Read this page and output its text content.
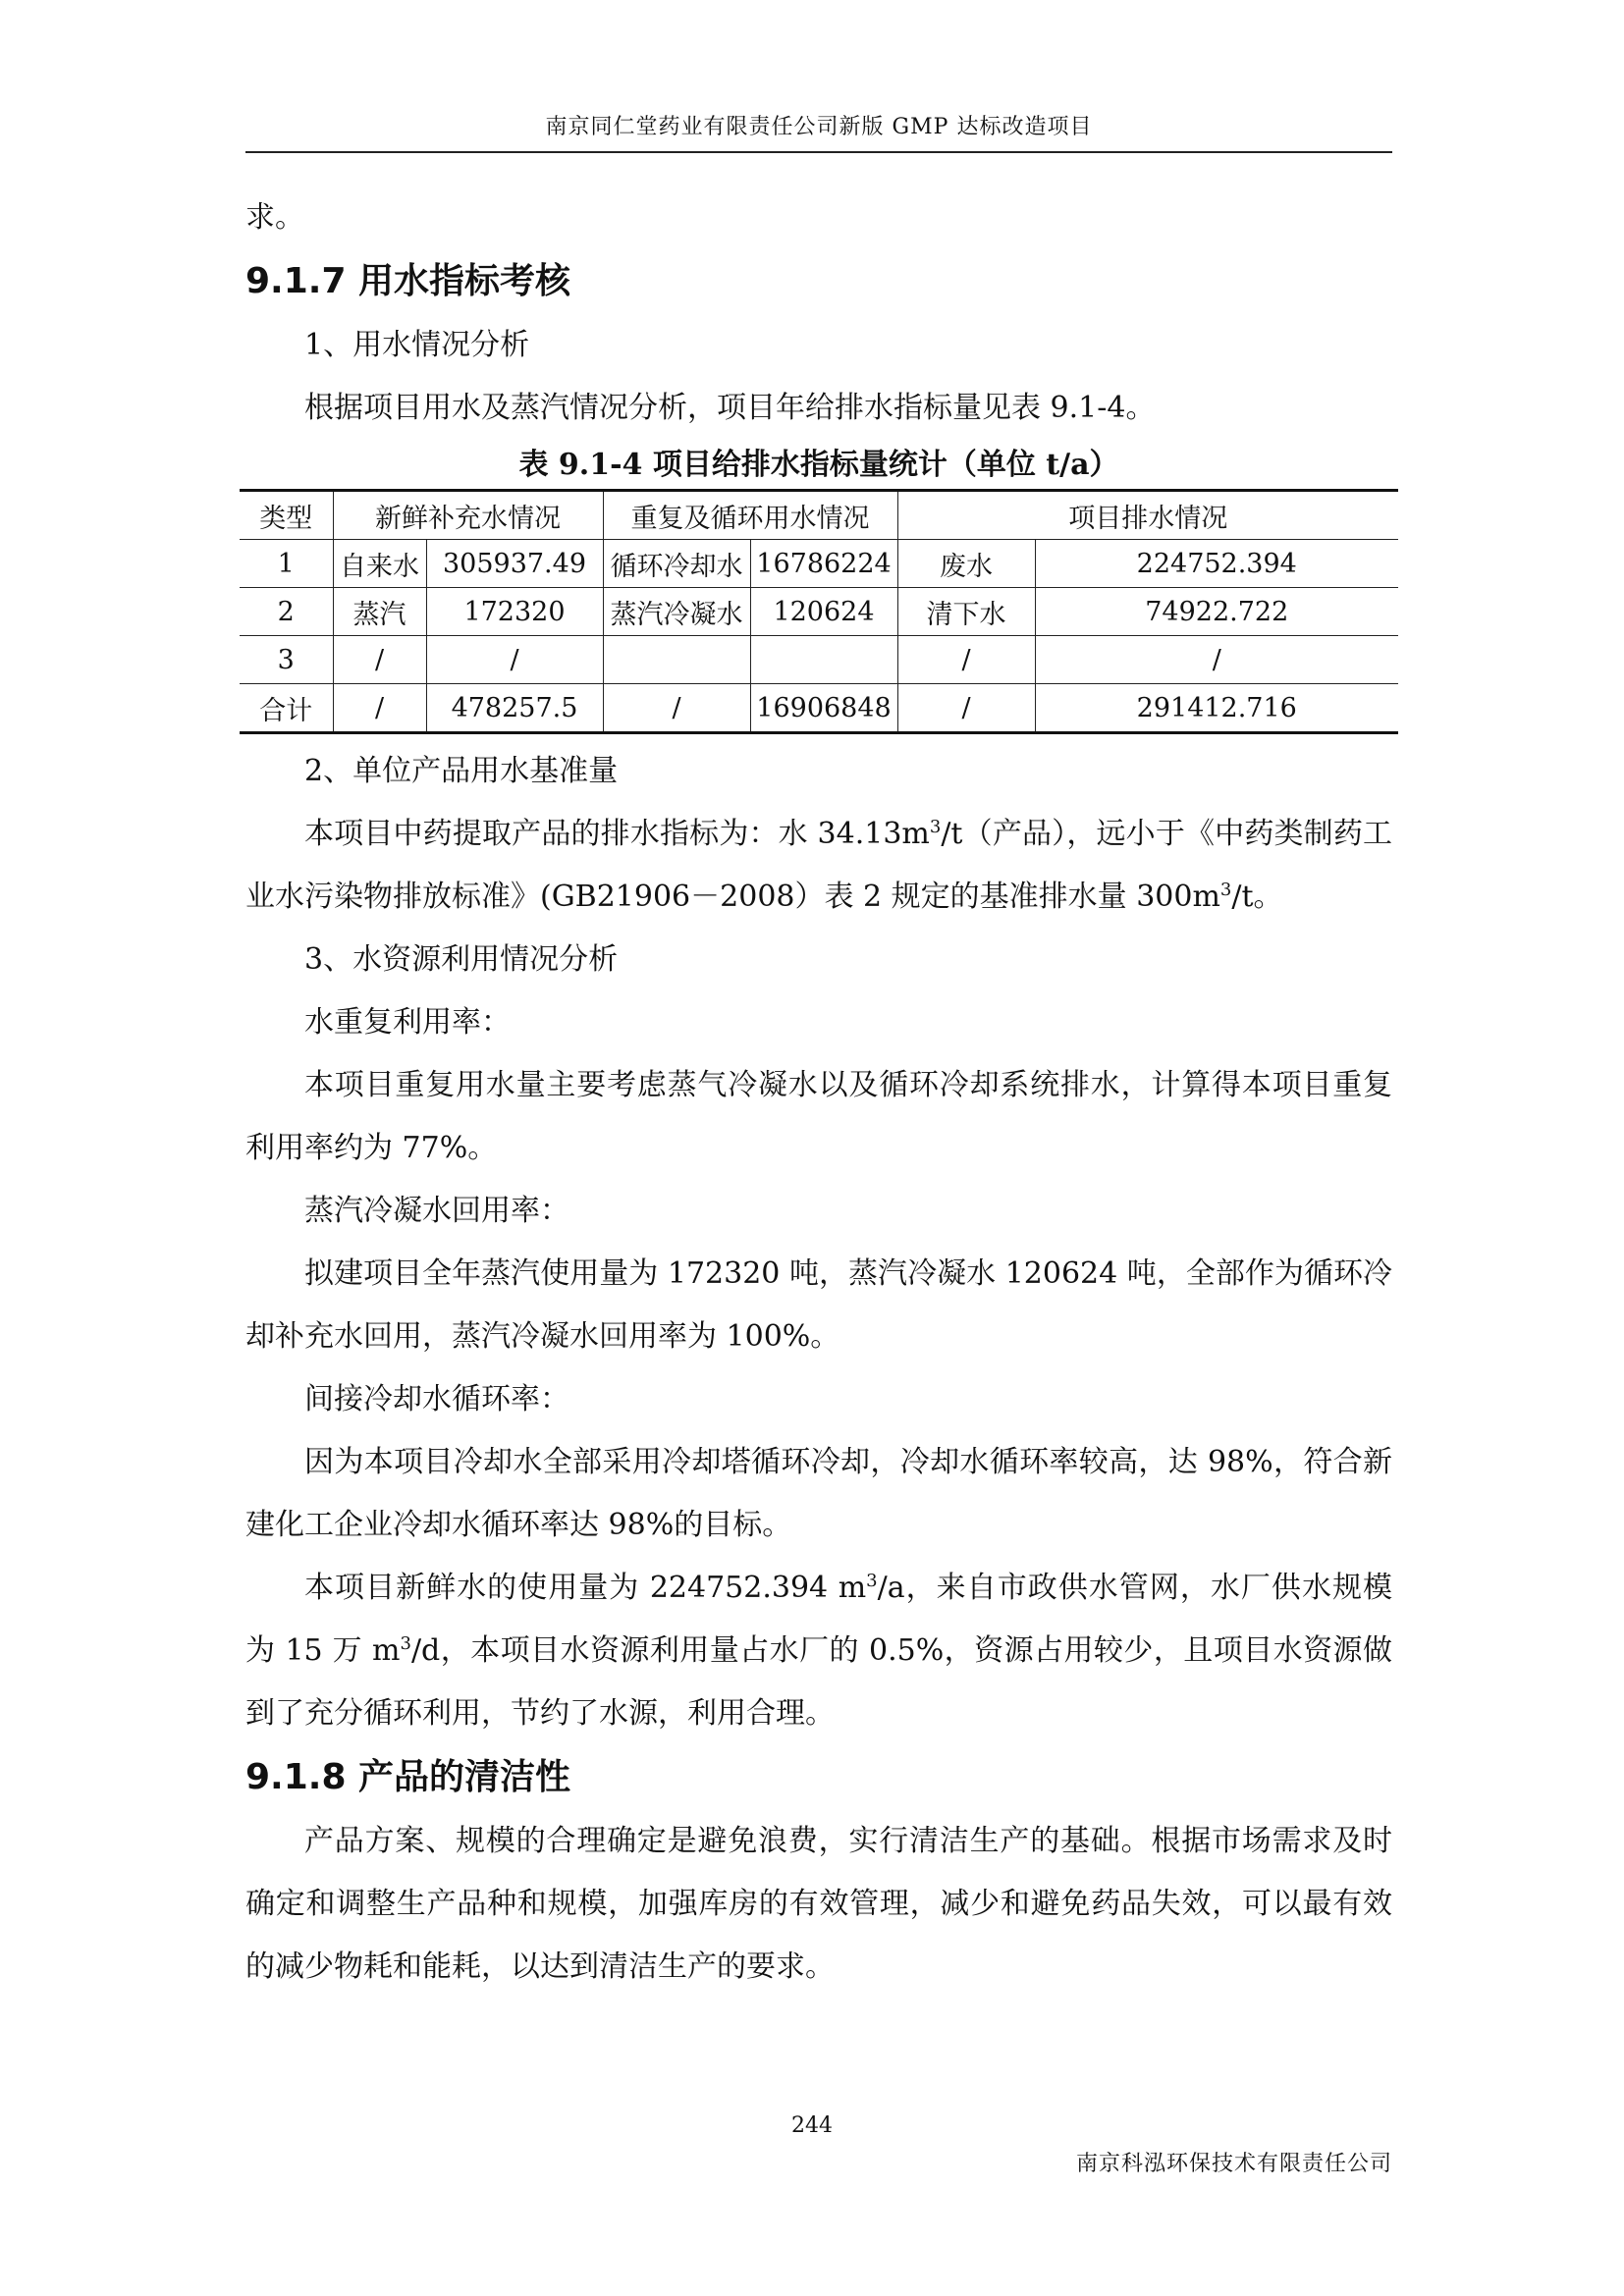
南京同仁堂药业有限责任公司新版 GMP 达标改造项目

求。

9.1.7 用水指标考核

1、用水情况分析

根据项目用水及蒸汽情况分析，项目年给排水指标量见表 9.1-4。

表 9.1-4 项目给排水指标量统计（单位 t/a）
类型	新鲜补充水情况		重复及循环用水情况		项目排水情况	
1	自来水	305937.49	循环冷却水	16786224	废水	224752.394
2	蒸汽	172320	蒸汽冷凝水	120624	清下水	74922.722
3	/	/			/	/
合计	/	478257.5	/	16906848	/	291412.716

2、单位产品用水基准量

本项目中药提取产品的排水指标为：水 $34.13m^3/t$（产品），远小于《中药类制药工业水污染物排放标准》(GB21906－2008）表 2 规定的基准排水量 $300m^3/t$。

3、水资源利用情况分析

水重复利用率：

本项目重复用水量主要考虑蒸气冷凝水以及循环冷却系统排水，计算得本项目重复利用率约为 77%。

蒸汽冷凝水回用率：

拟建项目全年蒸汽使用量为 172320 吨，蒸汽冷凝水 120624 吨，全部作为循环冷却补充水回用，蒸汽冷凝水回用率为 100%。

间接冷却水循环率：

因为本项目冷却水全部采用冷却塔循环冷却，冷却水循环率较高，达 98%，符合新建化工企业冷却水循环率达 98%的目标。

本项目新鲜水的使用量为 224752.394 $m^3/a$，来自市政供水管网，水厂供水规模为 15 万 $m^3/d$，本项目水资源利用量占水厂的 0.5%，资源占用较少，且项目水资源做到了充分循环利用，节约了水源，利用合理。

9.1.8 产品的清洁性

产品方案、规模的合理确定是避免浪费，实行清洁生产的基础。根据市场需求及时确定和调整生产品种和规模，加强库房的有效管理，减少和避免药品失效，可以最有效的减少物耗和能耗，以达到清洁生产的要求。

244
南京科泓环保技术有限责任公司
